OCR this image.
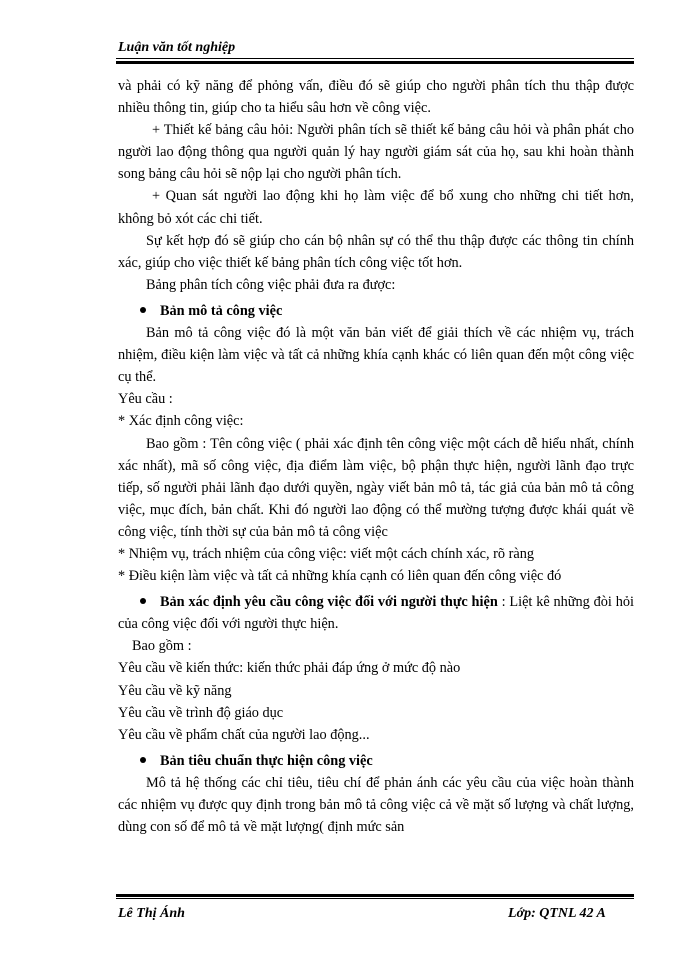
Luận văn tốt nghiệp

và phải có kỹ năng để phỏng vấn, điều đó sẽ giúp cho người phân tích thu thập được nhiều thông tin, giúp cho ta hiểu sâu hơn về công việc.

+ Thiết kế bảng câu hỏi: Người phân tích sẽ thiết kế bảng câu hỏi và phân phát cho người lao động thông qua người quản lý hay người giám sát của họ, sau khi hoàn thành song bảng câu hỏi sẽ nộp lại cho người phân tích.

+ Quan sát người lao động khi họ làm việc để bổ xung cho những chi tiết hơn, không bỏ xót các chi tiết.

Sự kết hợp đó sẽ giúp cho cán bộ nhân sự có thể thu thập được các thông tin chính xác, giúp cho việc thiết kế bảng phân tích công việc tốt hơn.

Bảng phân tích công việc phải đưa ra được:

Bản mô tả công việc

Bản mô tả công việc đó là một văn bản viết để giải thích về các nhiệm vụ, trách nhiệm, điều kiện làm việc và tất cả những khía cạnh khác có liên quan đến một công việc cụ thể.

Yêu cầu :

* Xác định công việc:

Bao gồm : Tên công việc ( phải xác định tên công việc một cách dễ hiểu nhất, chính xác nhất), mã số công việc, địa điểm làm việc, bộ phận thực hiện, người lãnh đạo trực tiếp, số người phải lãnh đạo dưới quyền, ngày viết bản mô tả, tác giả của bản mô tả công việc, mục đích, bản chất. Khi đó người lao động có thể mường tượng được khái quát về công việc, tính thời sự của bản mô tả công việc

* Nhiệm vụ, trách nhiệm của công việc: viết một cách chính xác, rõ ràng

* Điều kiện làm việc và tất cả những khía cạnh có liên quan đến công việc đó

Bản xác định yêu cầu công việc đối với người thực hiện : Liệt kê những đòi hỏi của công việc đối với người thực hiện.

Bao gồm :

Yêu cầu về kiến thức: kiến thức phải đáp ứng ở mức độ nào

Yêu cầu về kỹ năng

Yêu cầu về trình độ giáo dục

Yêu cầu về phẩm chất của người lao động...

Bản tiêu chuẩn thực hiện công việc

Mô tả hệ thống các chỉ tiêu, tiêu chí để phản ánh các yêu cầu của việc hoàn thành các nhiệm vụ được quy định trong bản mô tả công việc cả về mặt số lượng và chất lượng, dùng con số để mô tả về mặt lượng( định mức sản

Lê Thị Ánh	Lớp: QTNL 42 A
